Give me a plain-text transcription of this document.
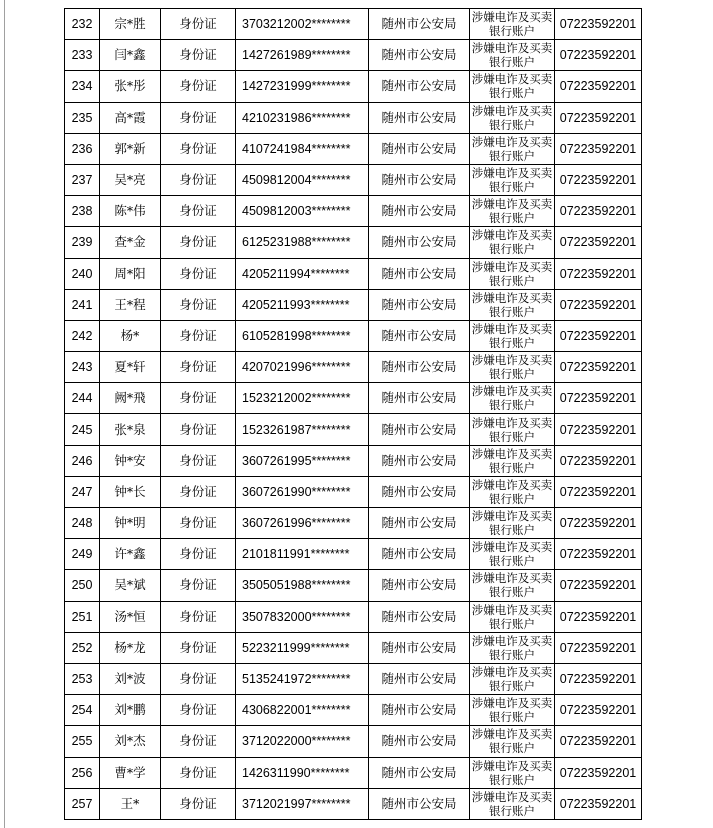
232	宗*胜	身份证	3703212002********	随州市公安局	涉嫌电诈及买卖银行账户	07223592201
233	闫*鑫	身份证	1427261989********	随州市公安局	涉嫌电诈及买卖银行账户	07223592201
234	张*彤	身份证	1427231999********	随州市公安局	涉嫌电诈及买卖银行账户	07223592201
235	高*霞	身份证	4210231986********	随州市公安局	涉嫌电诈及买卖银行账户	07223592201
236	郭*新	身份证	4107241984********	随州市公安局	涉嫌电诈及买卖银行账户	07223592201
237	吴*亮	身份证	4509812004********	随州市公安局	涉嫌电诈及买卖银行账户	07223592201
238	陈*伟	身份证	4509812003********	随州市公安局	涉嫌电诈及买卖银行账户	07223592201
239	查*金	身份证	6125231988********	随州市公安局	涉嫌电诈及买卖银行账户	07223592201
240	周*阳	身份证	4205211994********	随州市公安局	涉嫌电诈及买卖银行账户	07223592201
241	王*程	身份证	4205211993********	随州市公安局	涉嫌电诈及买卖银行账户	07223592201
242	杨*	身份证	6105281998********	随州市公安局	涉嫌电诈及买卖银行账户	07223592201
243	夏*轩	身份证	4207021996********	随州市公安局	涉嫌电诈及买卖银行账户	07223592201
244	阙*飛	身份证	1523212002********	随州市公安局	涉嫌电诈及买卖银行账户	07223592201
245	张*泉	身份证	1523261987********	随州市公安局	涉嫌电诈及买卖银行账户	07223592201
246	钟*安	身份证	3607261995********	随州市公安局	涉嫌电诈及买卖银行账户	07223592201
247	钟*长	身份证	3607261990********	随州市公安局	涉嫌电诈及买卖银行账户	07223592201
248	钟*明	身份证	3607261996********	随州市公安局	涉嫌电诈及买卖银行账户	07223592201
249	许*鑫	身份证	2101811991********	随州市公安局	涉嫌电诈及买卖银行账户	07223592201
250	吴*斌	身份证	3505051988********	随州市公安局	涉嫌电诈及买卖银行账户	07223592201
251	汤*恒	身份证	3507832000********	随州市公安局	涉嫌电诈及买卖银行账户	07223592201
252	杨*龙	身份证	5223211999********	随州市公安局	涉嫌电诈及买卖银行账户	07223592201
253	刘*波	身份证	5135241972********	随州市公安局	涉嫌电诈及买卖银行账户	07223592201
254	刘*鹏	身份证	4306822001********	随州市公安局	涉嫌电诈及买卖银行账户	07223592201
255	刘*杰	身份证	3712022000********	随州市公安局	涉嫌电诈及买卖银行账户	07223592201
256	曹*学	身份证	1426311990********	随州市公安局	涉嫌电诈及买卖银行账户	07223592201
257	王*	身份证	3712021997********	随州市公安局	涉嫌电诈及买卖银行账户	07223592201
